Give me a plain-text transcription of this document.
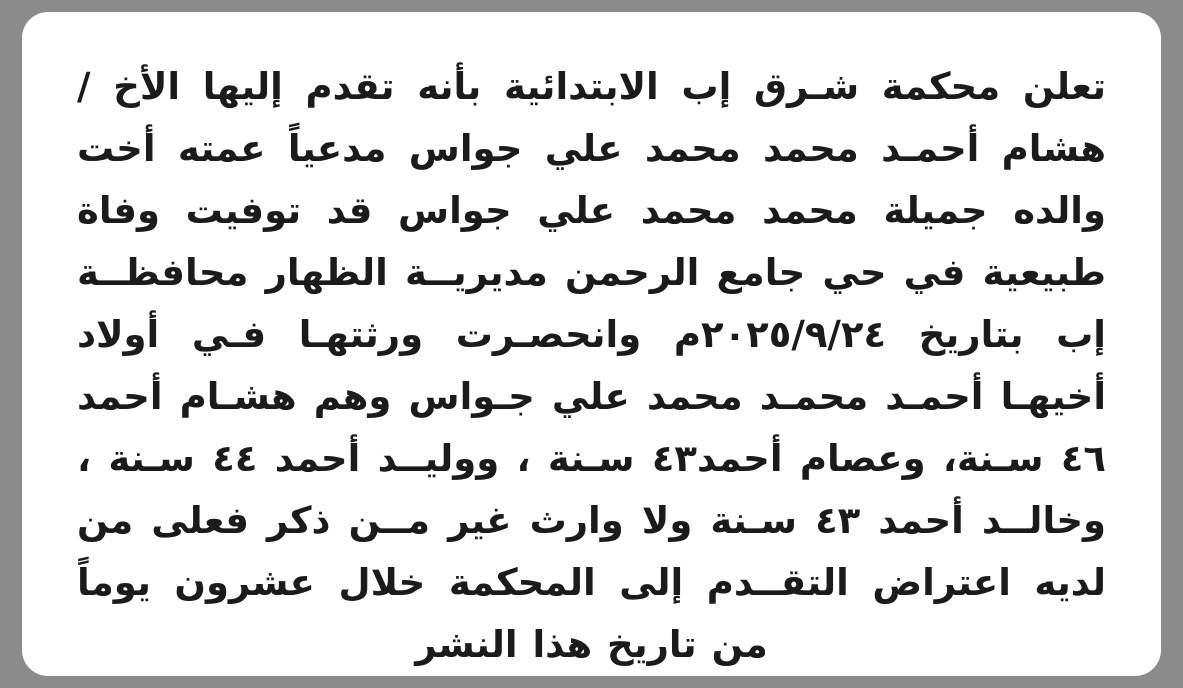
تعلن محكمة شـرق إب الابتدائية بأنه تقدم إليها الأخ /هشام أحمـد محمد محمد علي جواس مدعياً عمته أخت والده جميلة محمد محمد علي جواس قد توفيت وفاة طبيعية في حي جامع الرحمن مديريــة الظهار محافظــة إب بتاريخ ٢٠٢٥/٩/٢٤م وانحصـرت ورثتهـا فـي أولاد أخيهـا أحمـد محمـد محمد علي جـواس وهم هشـام أحمد ٤٦ سـنة، وعصام أحمد٤٣ سـنة ، ووليــد أحمد ٤٤ سـنة ، وخالــد أحمد ٤٣ سـنة ولا وارث غير مــن ذكر فعلى من لديه اعتراض التقــدم إلى المحكمة خلال عشرون يوماً من تاريخ هذا النشر
